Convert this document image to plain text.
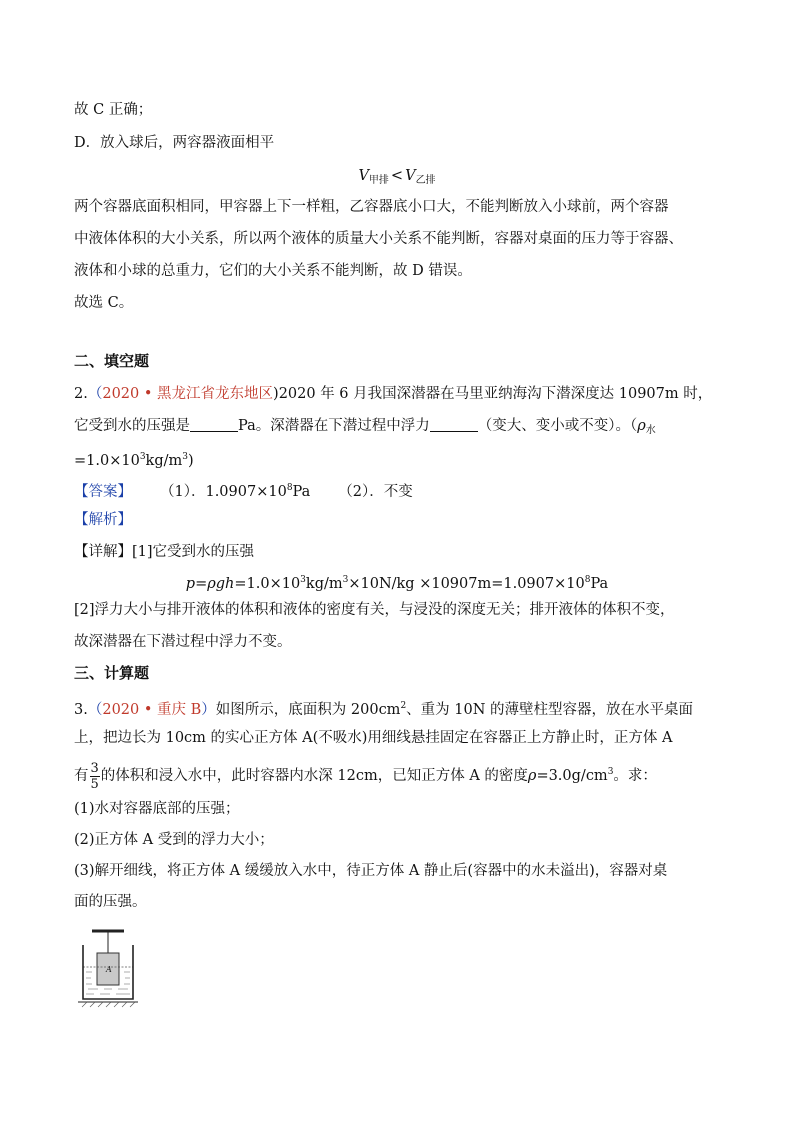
故 C 正确；
D．放入球后，两容器液面相平
$V_{甲排} < V_{乙排}$
两个容器底面积相同，甲容器上下一样粗，乙容器底小口大，不能判断放入小球前，两个容器
中液体体积的大小关系，所以两个液体的质量大小关系不能判断，容器对桌面的压力等于容器、
液体和小球的总重力，它们的大小关系不能判断，故 D 错误。
故选 C。
二、填空题
2.（2020 • 黑龙江省龙东地区)2020 年 6 月我国深潜器在马里亚纳海沟下潜深度达 10907m 时，
它受到水的压强是	Pa。深潜器在下潜过程中浮力	（变大、变小或不变）。（$\rho_水$
$=1.0\times 10^3kg/m^3$)
【答案】 （1）．$1.0907\times 10^8Pa$ （2）．不变
【解析】
【详解】[1]它受到水的压强
$p=\rho gh=1.0\times 10^3kg/m^3\times 10N/kg \times 10907m=1.0907\times 10^8Pa$
[2]浮力大小与排开液体的体积和液体的密度有关，与浸没的深度无关；排开液体的体积不变，
故深潜器在下潜过程中浮力不变。
三、计算题
3.（2020 • 重庆 B）如图所示，底面积为 $200cm^2$、重为 10N 的薄壁柱型容器，放在水平桌面
上，把边长为 10cm 的实心正方体 A(不吸水)用细线悬挂固定在容器正上方静止时，正方体 A
有 $\frac{3}{5}$ 的体积和浸入水中，此时容器内水深 12cm，已知正方体 A 的密度$\rho=3.0g/cm^3$。求：
(1)水对容器底部的压强；
(2)正方体 A 受到的浮力大小；
(3)解开细线，将正方体 A 缓缓放入水中，待正方体 A 静止后(容器中的水未溢出)，容器对桌
面的压强。
A
